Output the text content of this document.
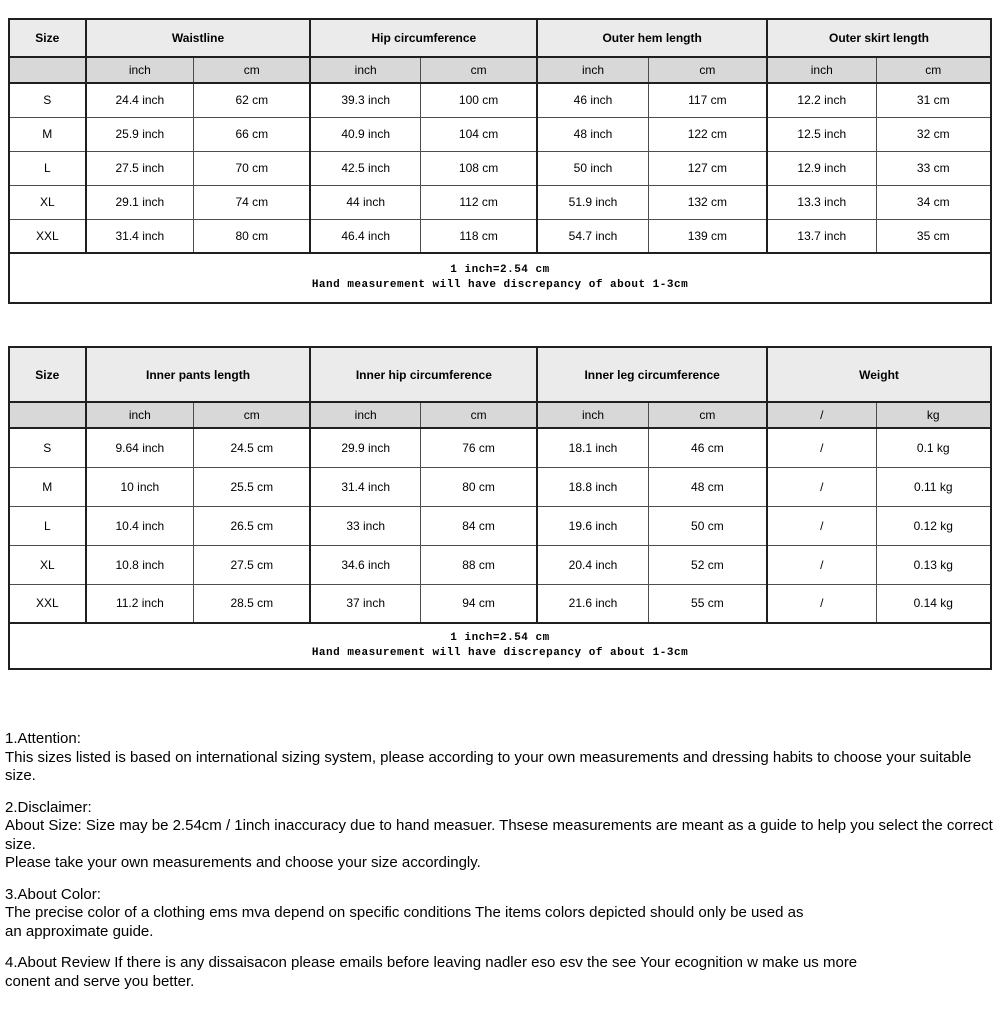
Size	Waistline		Hip circumference		Outer hem length		Outer skirt length	
	inch	cm	inch	cm	inch	cm	inch	cm
S	24.4 inch	62 cm	39.3 inch	100 cm	46 inch	117 cm	12.2 inch	31 cm
M	25.9 inch	66 cm	40.9 inch	104 cm	48 inch	122 cm	12.5 inch	32 cm
L	27.5 inch	70 cm	42.5 inch	108 cm	50 inch	127 cm	12.9 inch	33 cm
XL	29.1 inch	74 cm	44 inch	112 cm	51.9 inch	132 cm	13.3 inch	34 cm
XXL	31.4 inch	80 cm	46.4 inch	118 cm	54.7 inch	139 cm	13.7 inch	35 cm

1 inch=2.54 cm
Hand measurement will have discrepancy of about 1-3cm								
Size	Inner pants length		Inner hip circumference		Inner leg circumference		Weight	
	inch	cm	inch	cm	inch	cm	/	kg
S	9.64 inch	24.5 cm	29.9 inch	76 cm	18.1 inch	46 cm	/	0.1 kg
M	10 inch	25.5 cm	31.4 inch	80 cm	18.8 inch	48 cm	/	0.11 kg
L	10.4 inch	26.5 cm	33 inch	84 cm	19.6 inch	50 cm	/	0.12 kg
XL	10.8 inch	27.5 cm	34.6 inch	88 cm	20.4 inch	52 cm	/	0.13 kg
XXL	11.2 inch	28.5 cm	37 inch	94 cm	21.6 inch	55 cm	/	0.14 kg

1 inch=2.54 cm
Hand measurement will have discrepancy of about 1-3cm								
1.Attention:
This sizes listed is based on international sizing system, please according to your own measurements and dressing habits to choose your suitable size.
2.Disclaimer:
About Size: Size may be 2.54cm / 1inch inaccuracy due to hand measuer. Thsese measurements are meant as a guide to help you select the correct size.
Please take your own measurements and choose your size accordingly.
3.About Color:
The precise color of a clothing ems mva depend on specific conditions The items colors depicted should only be used as
an approximate guide.
4.About Review If there is any dissaisacon please emails before leaving nadler eso esv the see Your ecognition w make us more
conent and serve you better.
